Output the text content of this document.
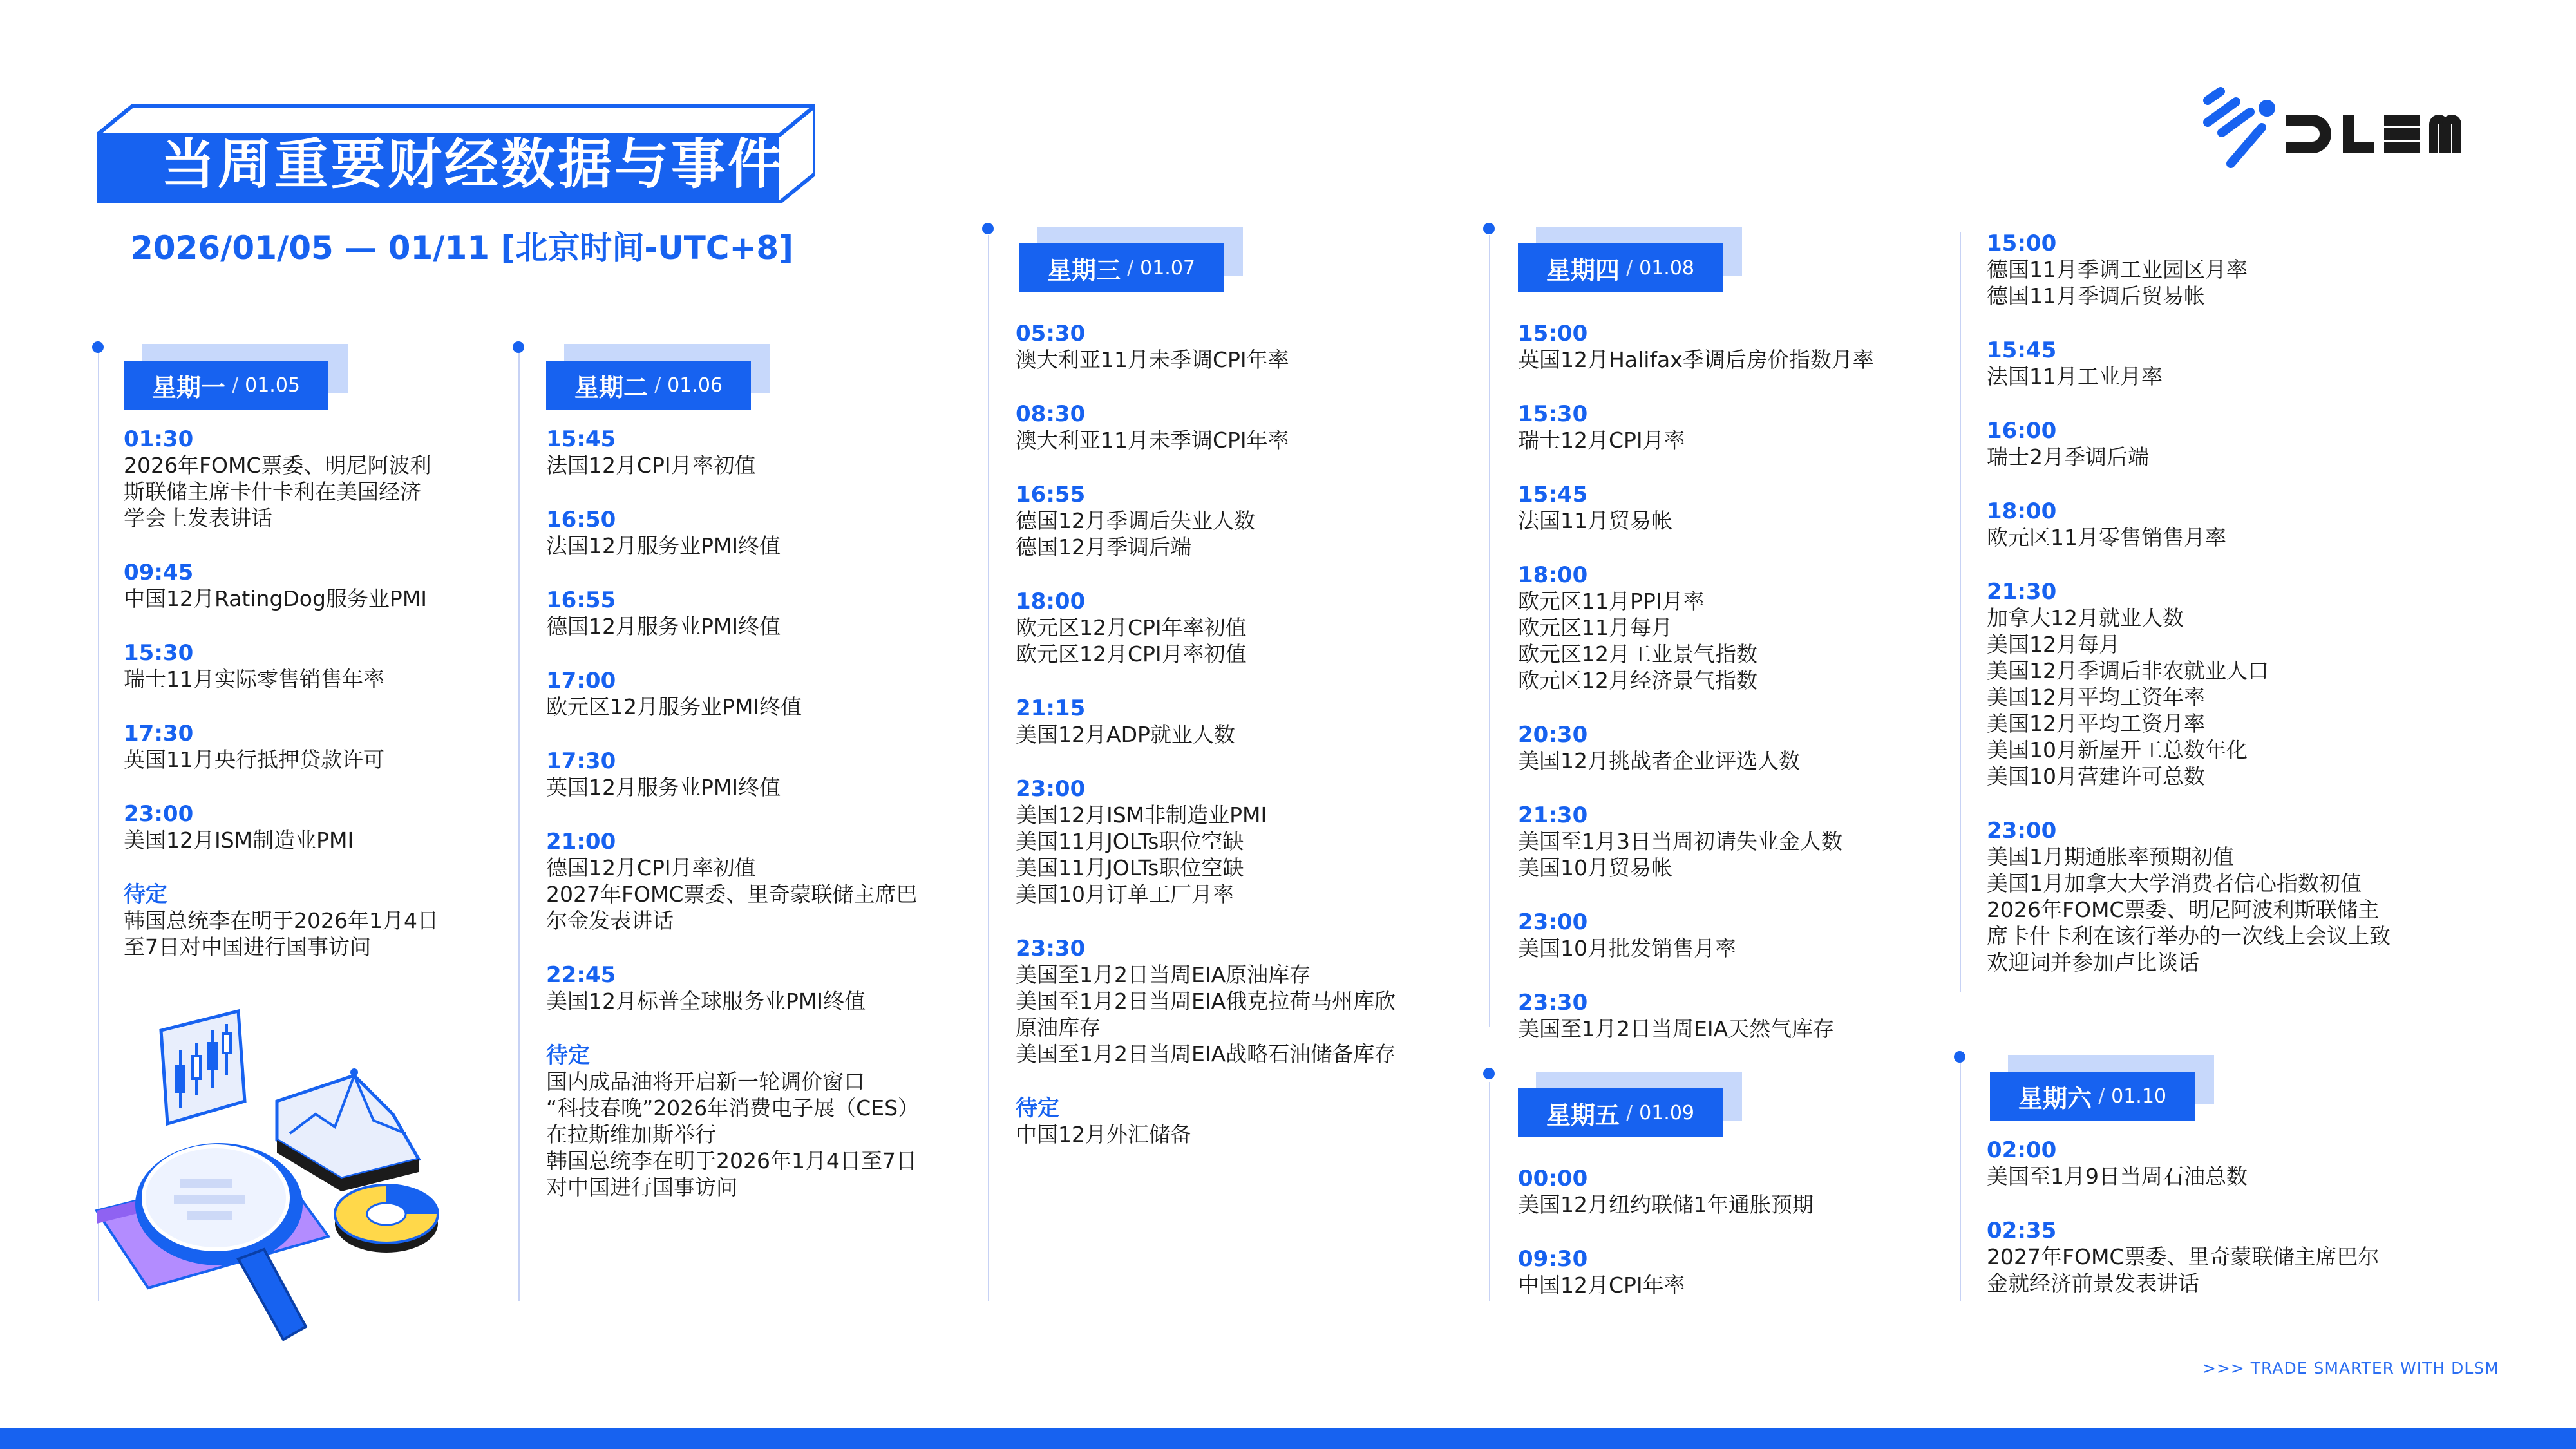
当周重要财经数据与事件
2026/01/05 — 01/11 [北京时间-UTC+8]
星期一 / 01.05
01:30
2026年FOMC票委、明尼阿波利
斯联储主席卡什卡利在美国经济
学会上发表讲话
09:45
中国12月RatingDog服务业PMI
15:30
瑞士11月实际零售销售年率
17:30
英国11月央行抵押贷款许可
23:00
美国12月ISM制造业PMI
待定
韩国总统李在明于2026年1月4日
至7日对中国进行国事访问
星期二 / 01.06
15:45
法国12月CPI月率初值
16:50
法国12月服务业PMI终值
16:55
德国12月服务业PMI终值
17:00
欧元区12月服务业PMI终值
17:30
英国12月服务业PMI终值
21:00
德国12月CPI月率初值
2027年FOMC票委、里奇蒙联储主席巴
尔金发表讲话
22:45
美国12月标普全球服务业PMI终值
待定
国内成品油将开启新一轮调价窗口
“科技春晚”2026年消费电子展（CES）
在拉斯维加斯举行
韩国总统李在明于2026年1月4日至7日
对中国进行国事访问
星期三 / 01.07
05:30
澳大利亚11月未季调CPI年率
08:30
澳大利亚11月未季调CPI年率
16:55
德国12月季调后失业人数
德国12月季调后端
18:00
欧元区12月CPI年率初值
欧元区12月CPI月率初值
21:15
美国12月ADP就业人数
23:00
美国12月ISM非制造业PMI
美国11月JOLTs职位空缺
美国11月JOLTs职位空缺
美国10月订单工厂月率
23:30
美国至1月2日当周EIA原油库存
美国至1月2日当周EIA俄克拉荷马州库欣
原油库存
美国至1月2日当周EIA战略石油储备库存
待定
中国12月外汇储备
星期四 / 01.08
15:00
英国12月Halifax季调后房价指数月率
15:30
瑞士12月CPI月率
15:45
法国11月贸易帐
18:00
欧元区11月PPI月率
欧元区11月每月
欧元区12月工业景气指数
欧元区12月经济景气指数
20:30
美国12月挑战者企业评选人数
21:30
美国至1月3日当周初请失业金人数
美国10月贸易帐
23:00
美国10月批发销售月率
23:30
美国至1月2日当周EIA天然气库存
星期五 / 01.09
00:00
美国12月纽约联储1年通胀预期
09:30
中国12月CPI年率
15:00
德国11月季调工业园区月率
德国11月季调后贸易帐
15:45
法国11月工业月率
16:00
瑞士2月季调后端
18:00
欧元区11月零售销售月率
21:30
加拿大12月就业人数
美国12月每月
美国12月季调后非农就业人口
美国12月平均工资年率
美国12月平均工资月率
美国10月新屋开工总数年化
美国10月营建许可总数
23:00
美国1月期通胀率预期初值
美国1月加拿大大学消费者信心指数初值
2026年FOMC票委、明尼阿波利斯联储主
席卡什卡利在该行举办的一次线上会议上致
欢迎词并参加卢比谈话
星期六 / 01.10
02:00
美国至1月9日当周石油总数
02:35
2027年FOMC票委、里奇蒙联储主席巴尔
金就经济前景发表讲话
>>> TRADE SMARTER WITH DLSM
